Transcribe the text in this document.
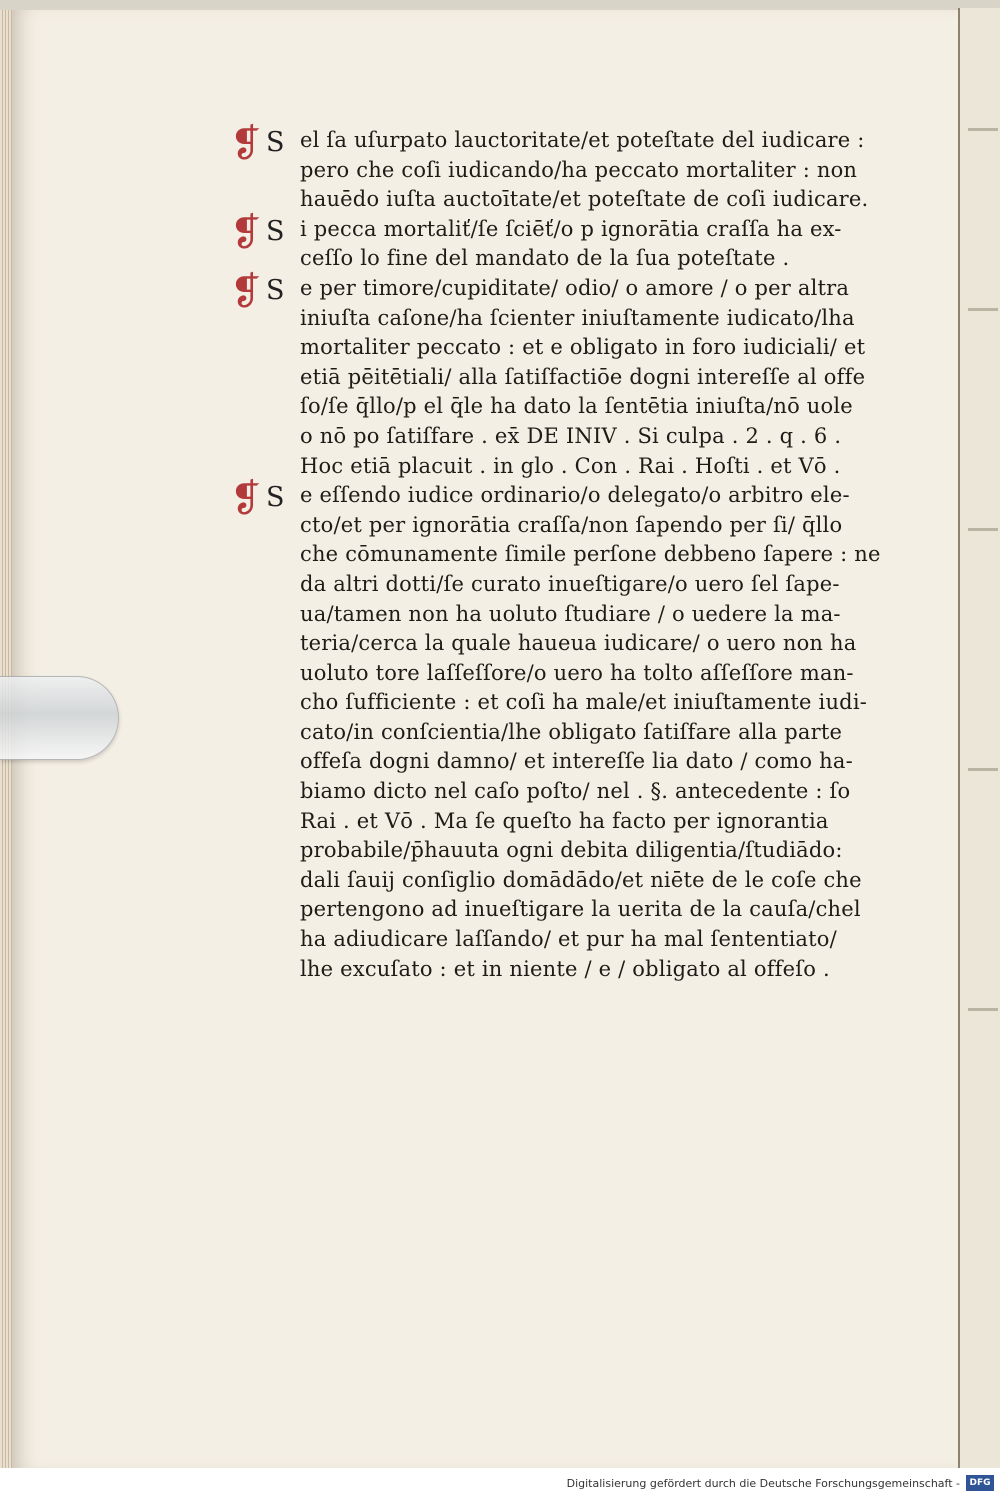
❡ S el ſa uſurpato lauctoritate/et poteſtate del iudicare :
pero che coſi iudicando/ha peccato mortaliter : non
hauēdo iuſta auctoītate/et poteſtate de coſi iudicare.

❡ S i pecca mortaliť/ſe ſciēť/o p ignorātia craſſa ha ex-
ceſſo lo fine del mandato de la ſua poteſtate .

❡ S e per timore/cupiditate/ odio/ o amore / o per altra
iniuſta caſone/ha ſcienter iniuſtamente iudicato/lha
mortaliter peccato : et e obligato in foro iudiciali/ et
etiā pēitētiali/ alla ſatiſfactiōe dogni intereſſe al offe
ſo/ſe q̄llo/p el q̄le ha dato la ſentētia iniuſta/nō uole
o nō po ſatiſfare . ex̄ DE INIV . Si culpa . 2 . q . 6 .
Hoc etiā placuit . in glo . Con . Rai . Hoſti . et Vō .

❡ S e eſſendo iudice ordinario/o delegato/o arbitro ele-
cto/et per ignorātia craſſa/non ſapendo per ſi/ q̄llo
che cōmunamente ſimile perſone debbeno ſapere : ne
da altri dotti/ſe curato inueſtigare/o uero ſel ſape-
ua/tamen non ha uoluto ſtudiare / o uedere la ma-
teria/cerca la quale haueua iudicare/ o uero non ha
uoluto tore laſſeſſore/o uero ha tolto aſſeſſore man-
cho ſufficiente : et coſi ha male/et iniuſtamente iudi-
cato/in conſcientia/lhe obligato ſatiſfare alla parte
offeſa dogni damno/ et intereſſe lia dato / como ha-
biamo dicto nel caſo poſto/ nel . §. antecedente : ſo
Rai . et Vō . Ma ſe queſto ha facto per ignorantia
probabile/p̄hauuta ogni debita diligentia/ſtudiādo:
dali ſauij conſiglio domādādo/et niēte de le coſe che
pertengono ad inueſtigare la uerita de la cauſa/chel
ha adiudicare laſſando/ et pur ha mal ſententiato/
lhe excuſato : et in niente / e / obligato al offeſo .

Digitalisierung gefördert durch die Deutsche Forschungsgemeinschaft -	DFG
